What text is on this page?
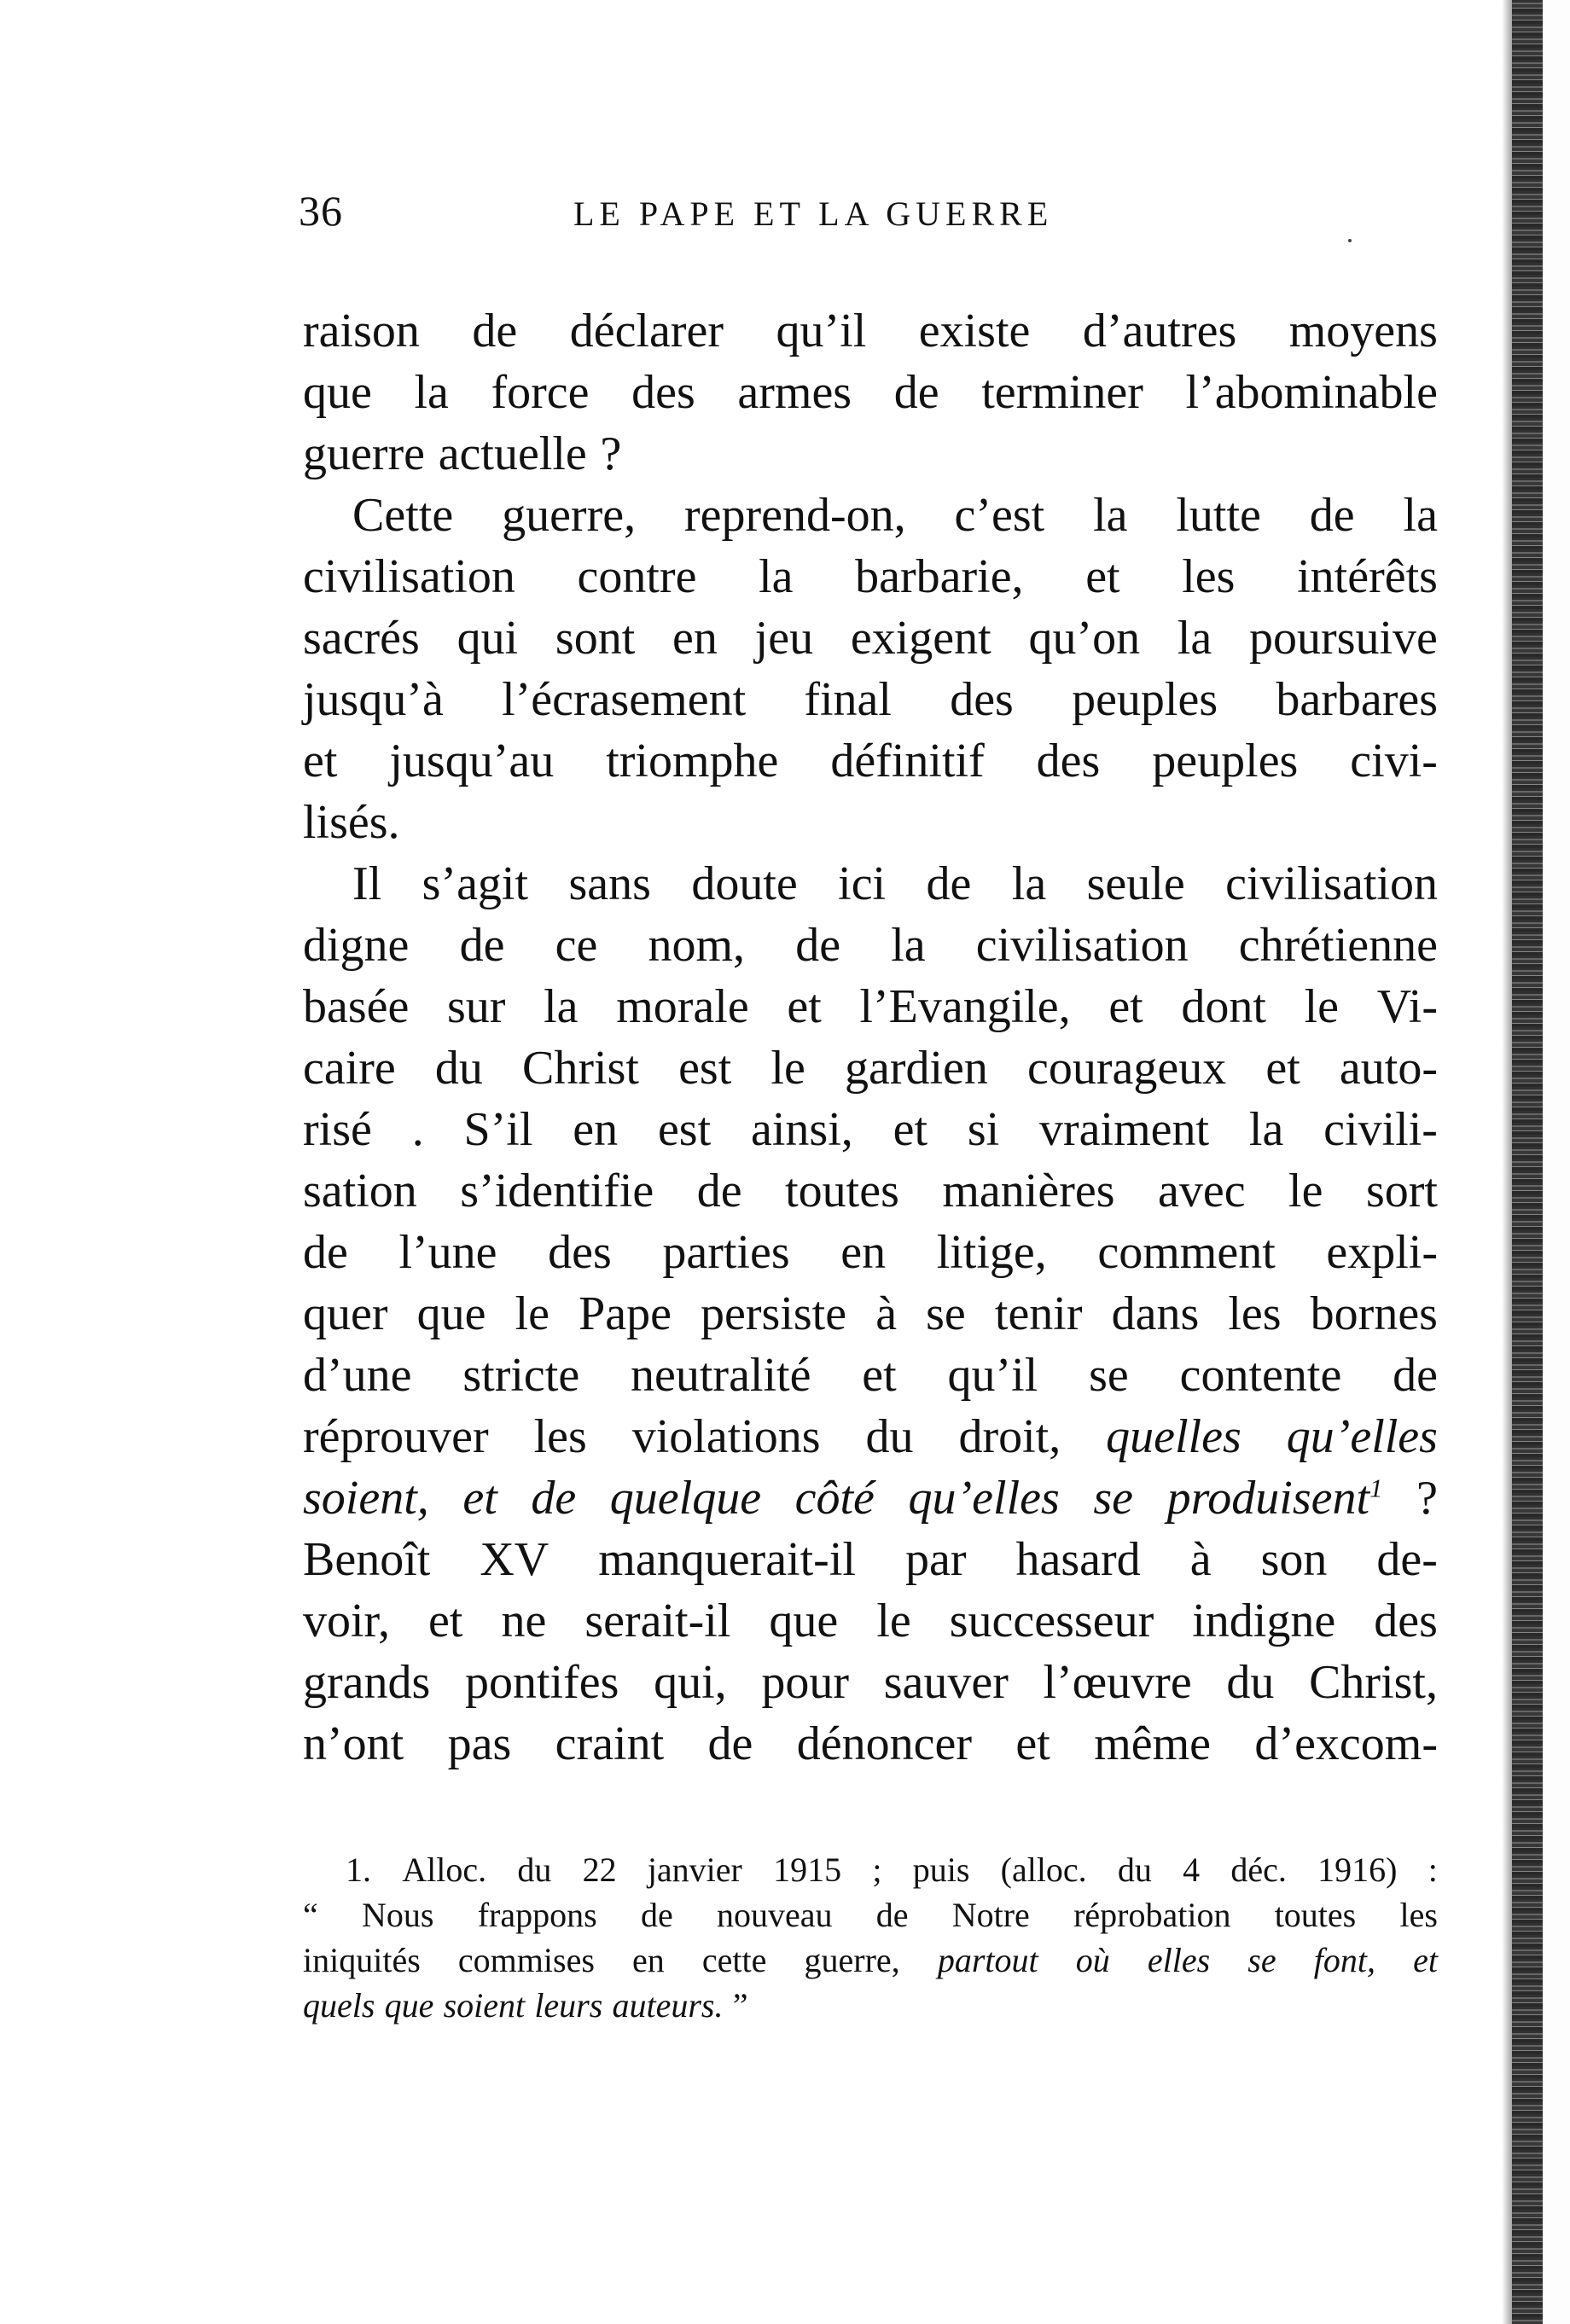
36	LE PAPE ET LA GUERRE
raison de déclarer qu’il existe d’autres moyens
que la force des armes de terminer l’abominable
guerre actuelle ?
Cette guerre, reprend-on, c’est la lutte de la
civilisation contre la barbarie, et les intérêts
sacrés qui sont en jeu exigent qu’on la poursuive
jusqu’à l’écrasement final des peuples barbares
et jusqu’au triomphe définitif des peuples civi-
lisés.
Il s’agit sans doute ici de la seule civilisation
digne de ce nom, de la civilisation chrétienne
basée sur la morale et l’Evangile, et dont le Vi-
caire du Christ est le gardien courageux et auto-
risé . S’il en est ainsi, et si vraiment la civili-
sation s’identifie de toutes manières avec le sort
de l’une des parties en litige, comment expli-
quer que le Pape persiste à se tenir dans les bornes
d’une stricte neutralité et qu’il se contente de
réprouver les violations du droit, quelles qu’elles
soient, et de quelque côté qu’elles se produisent$^1$ ?
Benoît XV manquerait-il par hasard à son de-
voir, et ne serait-il que le successeur indigne des
grands pontifes qui, pour sauver l’œuvre du Christ,
n’ont pas craint de dénoncer et même d’excom-
1. Alloc. du 22 janvier 1915 ; puis (alloc. du 4 déc. 1916) :
“ Nous frappons de nouveau de Notre réprobation toutes les
iniquités commises en cette guerre, partout où elles se font, et
quels que soient leurs auteurs. ”
